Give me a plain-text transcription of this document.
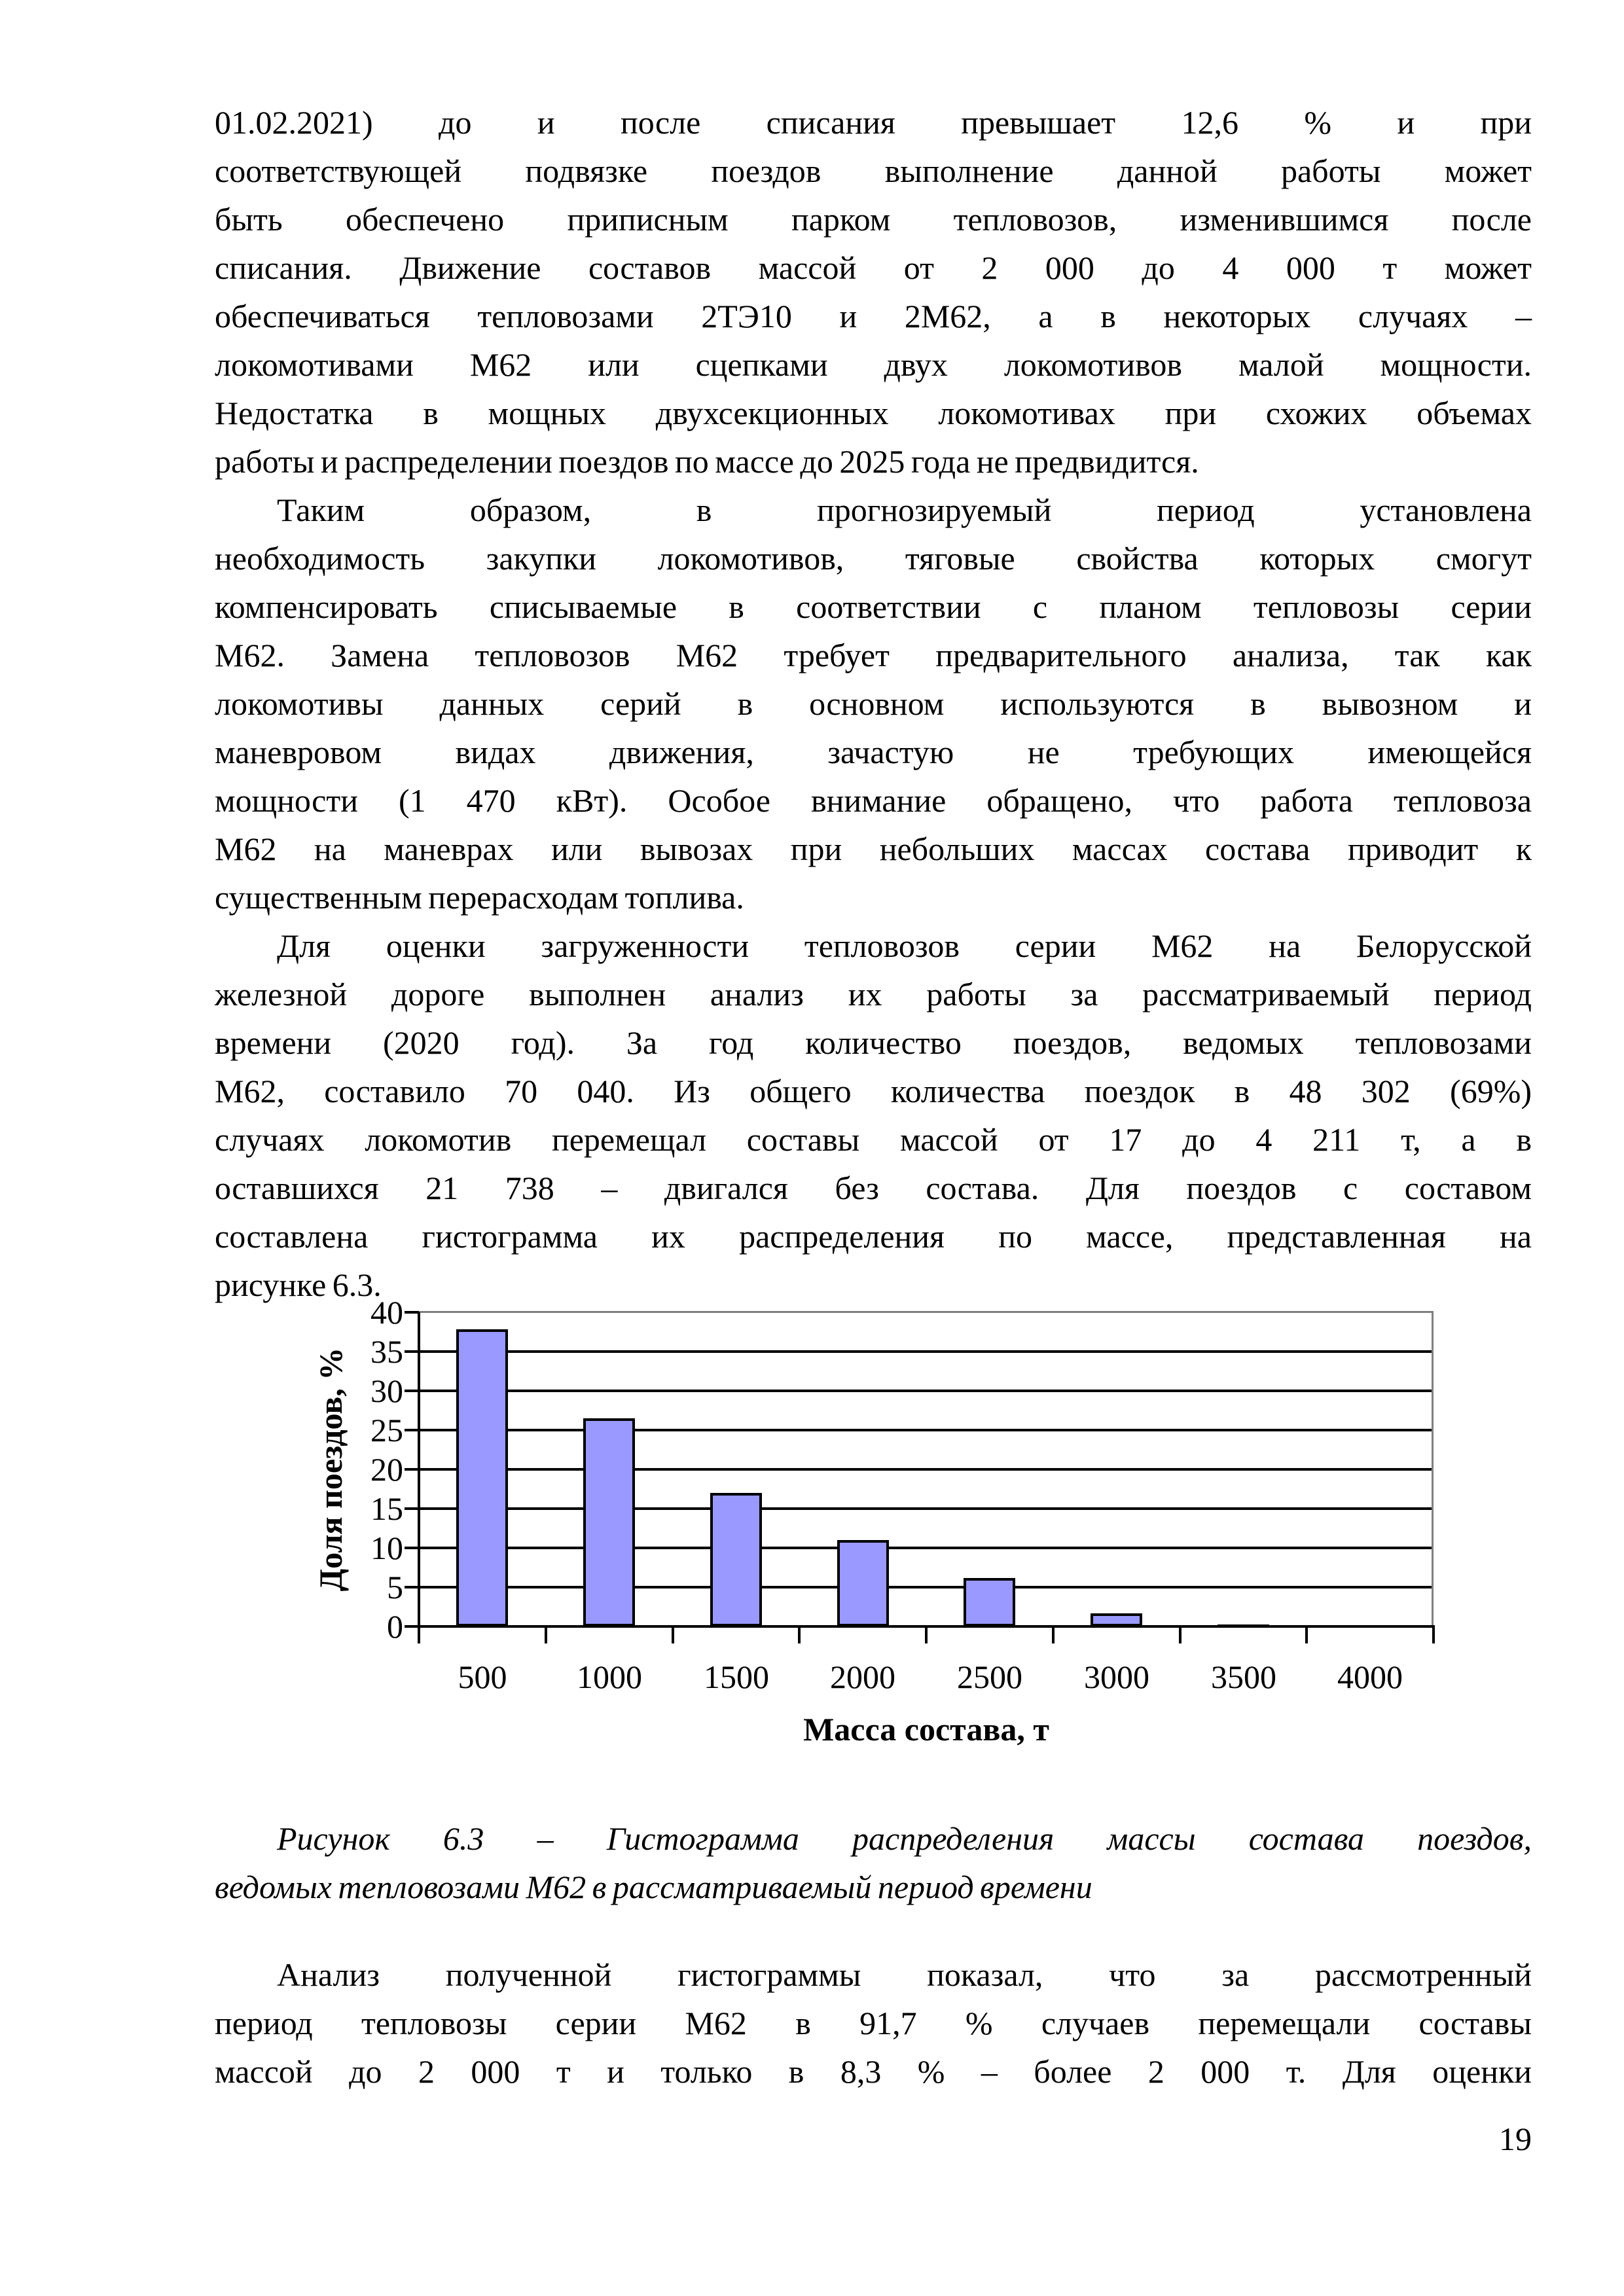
01.02.2021) до и после списания превышает 12,6 % и при
соответствующей подвязке поездов выполнение данной работы может
быть обеспечено приписным парком тепловозов, изменившимся после
списания. Движение составов массой от 2 000 до 4 000 т может
обеспечиваться тепловозами 2ТЭ10 и 2М62, а в некоторых случаях –
локомотивами М62 или сцепками двух локомотивов малой мощности.
Недостатка в мощных двухсекционных локомотивах при схожих объемах
работы и распределении поездов по массе до 2025 года не предвидится.
Таким образом, в прогнозируемый период установлена
необходимость закупки локомотивов, тяговые свойства которых смогут
компенсировать списываемые в соответствии с планом тепловозы серии
М62. Замена тепловозов М62 требует предварительного анализа, так как
локомотивы данных серий в основном используются в вывозном и
маневровом видах движения, зачастую не требующих имеющейся
мощности (1 470 кВт). Особое внимание обращено, что работа тепловоза
М62 на маневрах или вывозах при небольших массах состава приводит к
существенным перерасходам топлива.
Для оценки загруженности тепловозов серии М62 на Белорусской
железной дороге выполнен анализ их работы за рассматриваемый период
времени (2020 год). За год количество поездов, ведомых тепловозами
М62, составило 70 040. Из общего количества поездок в 48 302 (69%)
случаях локомотив перемещал составы массой от 17 до 4 211 т, а в
оставшихся 21 738 – двигался без состава. Для поездов с составом
составлена гистограмма их распределения по массе, представленная на
рисунке 6.3.
0
5
10
15
20
25
30
35
40
500	1000	1500	2000	2500	3000	3500	4000
Масса состава, т
Доля поездов, %
Рисунок 6.3 – Гистограмма распределения массы состава поездов,
ведомых тепловозами М62 в рассматриваемый период времени
Анализ полученной гистограммы показал, что за рассмотренный
период тепловозы серии М62 в 91,7 % случаев перемещали составы
массой до 2 000 т и только в 8,3 % – более 2 000 т. Для оценки
19
